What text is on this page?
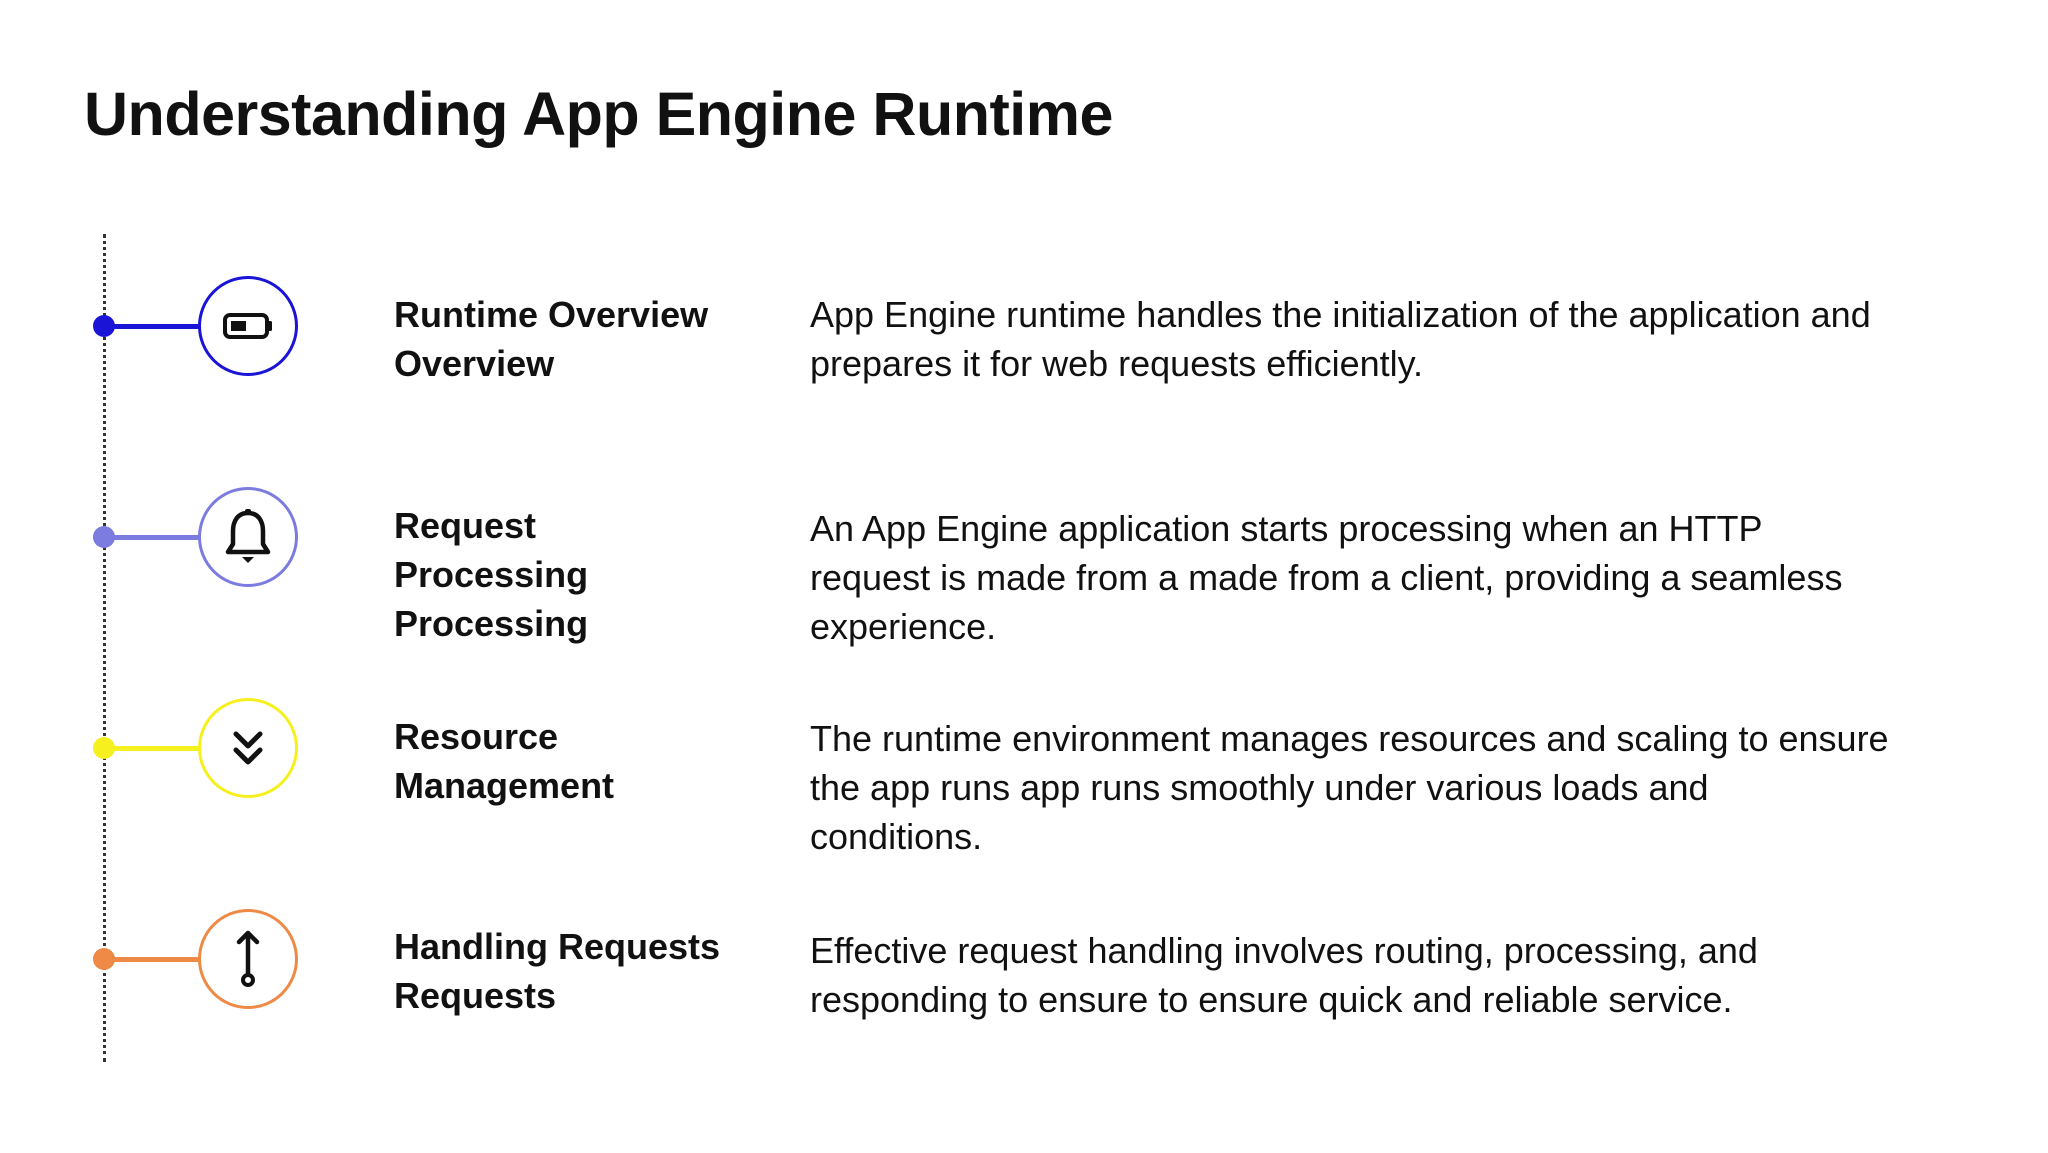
Understanding App Engine Runtime

Runtime Overview Overview

App Engine runtime handles the initialization of the application and prepares it for web requests efficiently.

Request Processing Processing

An App Engine application starts processing when an HTTP request is made from a made from a client, providing a seamless experience.

Resource Management

The runtime environment manages resources and scaling to ensure the app runs app runs smoothly under various loads and conditions.

Handling Requests Requests

Effective request handling involves routing, processing, and responding to ensure to ensure quick and reliable service.
